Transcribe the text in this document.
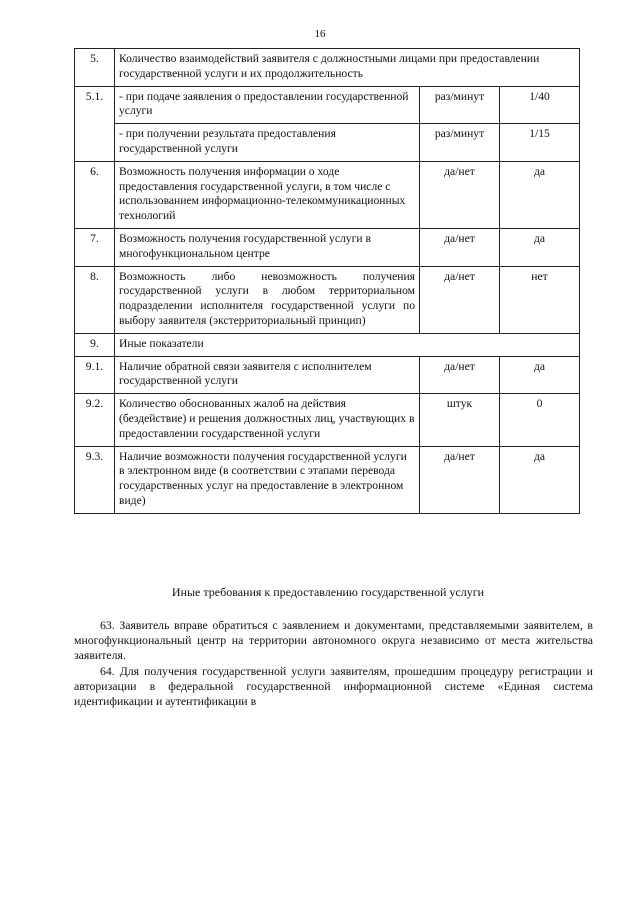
16
5.	Количество взаимодействий заявителя с должностными лицами при предоставлении государственной услуги и их продолжительность		
5.1.	- при подаче заявления о предоставлении государственной услуги	раз/минут	1/40
	- при получении результата предоставления государственной услуги	раз/минут	1/15
6.	Возможность получения информации о ходе предоставления государственной услуги, в том числе с использованием информационно-телекоммуникационных технологий	да/нет	да
7.	Возможность получения государственной услуги в многофункциональном центре	да/нет	да
8.	Возможность либо невозможность получения государственной услуги в любом территориальном подразделении исполнителя государственной услуги по выбору заявителя (экстерриториальный принцип)	да/нет	нет
9.	Иные показатели		
9.1.	Наличие обратной связи заявителя с исполнителем государственной услуги	да/нет	да
9.2.	Количество обоснованных жалоб на действия (бездействие) и решения должностных лиц, участвующих в предоставлении государственной услуги	штук	0
9.3.	Наличие возможности получения государственной услуги в электронном виде (в соответствии с этапами перевода государственных услуг на предоставление в электронном виде)	да/нет	да
Иные требования к предоставлению государственной услуги

63. Заявитель вправе обратиться с заявлением и документами, представляемыми заявителем, в многофункциональный центр на территории автономного округа независимо от места жительства заявителя.

64. Для получения государственной услуги заявителям, прошедшим процедуру регистрации и авторизации в федеральной государственной информационной системе «Единая система идентификации и аутентификации в
